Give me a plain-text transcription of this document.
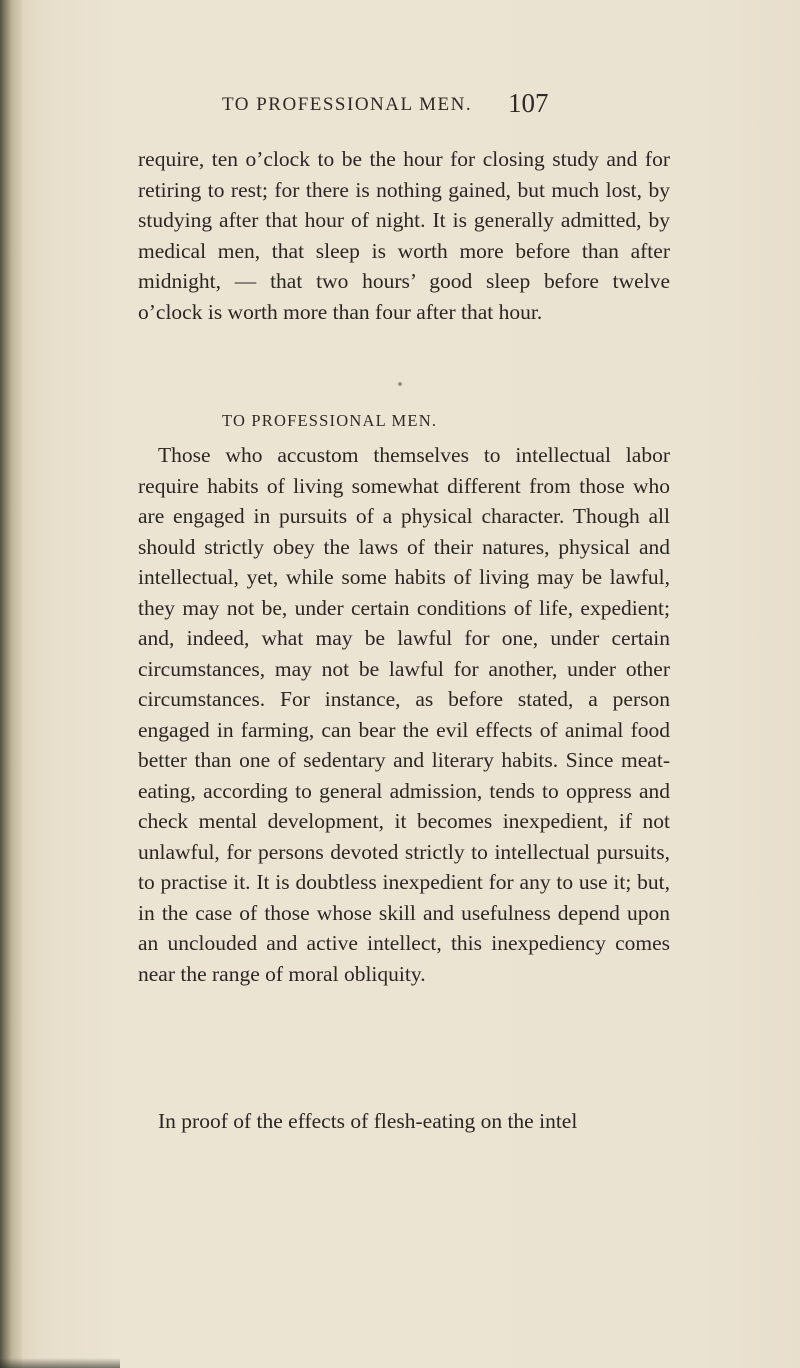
TO PROFESSIONAL MEN. 107
require, ten o’clock to be the hour for closing study and for retiring to rest; for there is nothing gained, but much lost, by studying after that hour of night. It is generally admitted, by medical men, that sleep is worth more before than after midnight, — that two hours’ good sleep before twelve o’clock is worth more than four after that hour.
TO PROFESSIONAL MEN.
Those who accustom themselves to intellectual labor require habits of living somewhat different from those who are engaged in pursuits of a physical character. Though all should strictly obey the laws of their natures, physical and intellectual, yet, while some habits of living may be lawful, they may not be, under certain conditions of life, expedient; and, indeed, what may be lawful for one, under certain circumstances, may not be lawful for another, under other circumstances. For instance, as before stated, a person engaged in farming, can bear the evil effects of animal food better than one of sedentary and literary habits. Since meat-eating, according to general admission, tends to oppress and check mental development, it becomes inexpedient, if not unlawful, for persons devoted strictly to intellectual pursuits, to practise it. It is doubtless inexpedient for any to use it; but, in the case of those whose skill and usefulness depend upon an unclouded and active intellect, this inexpediency comes near the range of moral obliquity.
In proof of the effects of flesh-eating on the intel
